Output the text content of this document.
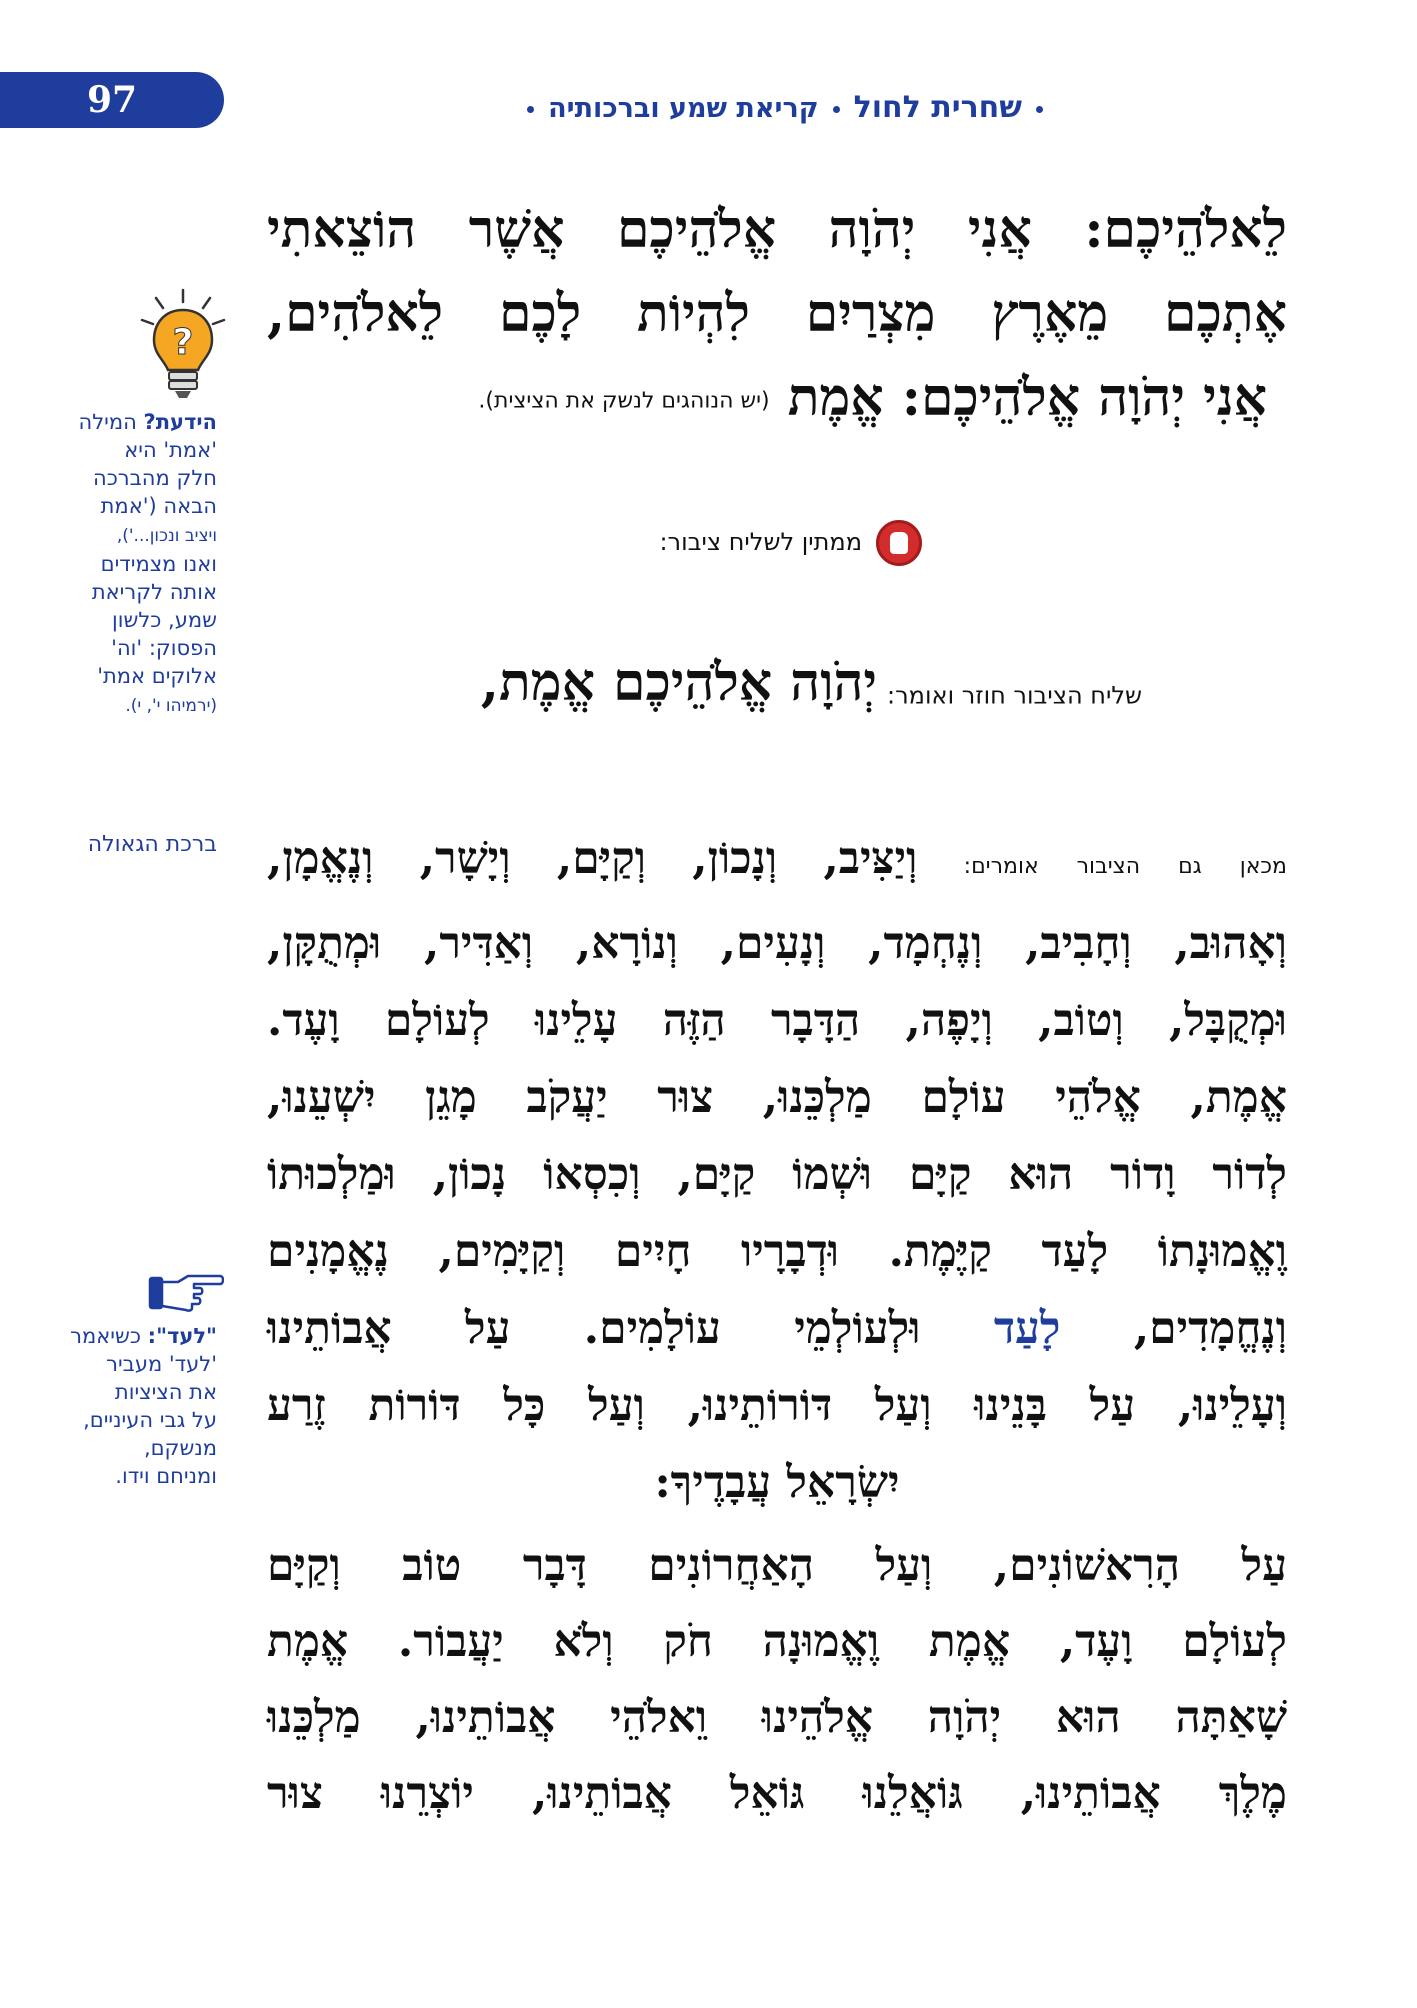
97	שחרית לחולקריאת שמע וברכותיה
לֵאלֹהֵיכֶם: אֲנִי יְהֹוָה אֱלֹהֵיכֶם אֲשֶׁר הוֹצֵאתִי
אֶתְכֶם מֵאֶרֶץ מִצְרַיִם לִהְיוֹת לָכֶם לֵאלֹהִים,
אֲנִי יְהֹוָה אֱלֹהֵיכֶם: אֱמֶת (יש הנוהגים לנשק את הציצית).
ממתין לשליח ציבור:
שליח הציבור חוזר ואומר:יְהֹוָה אֱלֹהֵיכֶם אֱמֶת,
מכאן גם הציבור אומרים: וְיַצִּיב, וְנָכוֹן, וְקַיָּם, וְיָשָׁר, וְנֶאֱמָן,
וְאָהוּב, וְחָבִיב, וְנֶחְמָד, וְנָעִים, וְנוֹרָא, וְאַדִּיר, וּמְתֻקָּן,
וּמְקֻבָּל, וְטוֹב, וְיָפֶה, הַדָּבָר הַזֶּה עָלֵינוּ לְעוֹלָם וָעֶד.
אֱמֶת, אֱלֹהֵי עוֹלָם מַלְכֵּנוּ, צוּר יַעֲקֹב מָגֵן יִשְׁעֵנוּ,
לְדוֹר וָדוֹר הוּא קַיָּם וּשְׁמוֹ קַיָּם, וְכִסְאוֹ נָכוֹן, וּמַלְכוּתוֹ
וֶאֱמוּנָתוֹ לָעַד קַיֶּמֶת. וּדְבָרָיו חָיִים וְקַיָּמִים, נֶאֱמָנִים
וְנֶחֱמָדִים, לָעַד וּלְעוֹלְמֵי עוֹלָמִים. עַל אֲבוֹתֵינוּ
וְעָלֵינוּ, עַל בָּנֵינוּ וְעַל דּוֹרוֹתֵינוּ, וְעַל כָּל דּוֹרוֹת זֶרַע
יִשְׂרָאֵל עֲבָדֶיךָ:
עַל הָרִאשׁוֹנִים, וְעַל הָאַחֲרוֹנִים דָּבָר טוֹב וְקַיָּם
לְעוֹלָם וָעֶד, אֱמֶת וֶאֱמוּנָה חֹק וְלֹא יַעֲבוֹר. אֱמֶת
שָׁאַתָּה הוּא יְהֹוָה אֱלֹהֵינוּ וֵאלֹהֵי אֲבוֹתֵינוּ, מַלְכֵּנוּ
מֶלֶךְ אֲבוֹתֵינוּ, גּוֹאֲלֵנוּ גּוֹאֵל אֲבוֹתֵינוּ, יוֹצְרֵנוּ צוּר
?
הידעת? המילה
'אמת' היא
חלק מהברכה
הבאה ('אמת
ויציב ונכון...'),
ואנו מצמידים
אותה לקריאת
שמע, כלשון
הפסוק: 'וה'
אלוקים אמת'
(ירמיהו י', י).
ברכת הגאולה
"לעד": כשיאמר
'לעד' מעביר
את הציציות
על גבי העיניים,
מנשקם,
ומניחם וידו.
